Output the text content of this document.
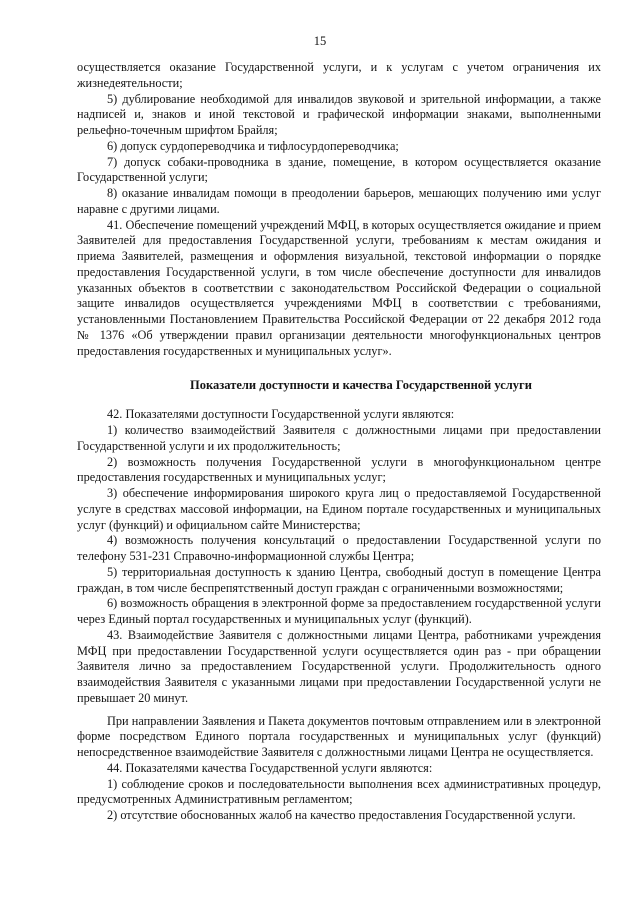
15

осуществляется оказание Государственной услуги, и к услугам с учетом ограничения их жизнедеятельности;

5) дублирование необходимой для инвалидов звуковой и зрительной информации, а также надписей и, знаков и иной текстовой и графической информации знаками, выполненными рельефно-точечным шрифтом Брайля;

6) допуск сурдопереводчика и тифлосурдопереводчика;

7) допуск собаки-проводника в здание, помещение, в котором осуществляется оказание Государственной услуги;

8) оказание инвалидам помощи в преодолении барьеров, мешающих получению ими услуг наравне с другими лицами.

41. Обеспечение помещений учреждений МФЦ, в которых осуществляется ожидание и прием Заявителей для предоставления Государственной услуги, требованиям к местам ожидания и приема Заявителей, размещения и оформления визуальной, текстовой информации о порядке предоставления Государственной услуги, в том числе обеспечение доступности для инвалидов указанных объектов в соответствии с законодательством Российской Федерации о социальной защите инвалидов осуществляется учреждениями МФЦ в соответствии с требованиями, установленными Постановлением Правительства Российской Федерации от 22 декабря 2012 года № 1376 «Об утверждении правил организации деятельности многофункциональных центров предоставления государственных и муниципальных услуг».

Показатели доступности и качества Государственной услуги

42. Показателями доступности Государственной услуги являются:

1) количество взаимодействий Заявителя с должностными лицами при предоставлении Государственной услуги и их продолжительность;

2) возможность получения Государственной услуги в многофункциональном центре предоставления государственных и муниципальных услуг;

3) обеспечение информирования широкого круга лиц о предоставляемой Государственной услуге в средствах массовой информации, на Едином портале государственных и муниципальных услуг (функций) и официальном сайте Министерства;

4) возможность получения консультаций о предоставлении Государственной услуги по телефону 531-231 Справочно-информационной службы Центра;

5) территориальная доступность к зданию Центра, свободный доступ в помещение Центра граждан, в том числе беспрепятственный доступ граждан с ограниченными возможностями;

6) возможность обращения в электронной форме за предоставлением государственной услуги через Единый портал государственных и муниципальных услуг (функций).

43. Взаимодействие Заявителя с должностными лицами Центра, работниками учреждения МФЦ при предоставлении Государственной услуги осуществляется один раз - при обращении Заявителя лично за предоставлением Государственной услуги. Продолжительность одного взаимодействия Заявителя с указанными лицами при предоставлении Государственной услуги не превышает 20 минут.

При направлении Заявления и Пакета документов почтовым отправлением или в электронной форме посредством Единого портала государственных и муниципальных услуг (функций) непосредственное взаимодействие Заявителя с должностными лицами Центра не осуществляется.

44. Показателями качества Государственной услуги являются:

1) соблюдение сроков и последовательности выполнения всех административных процедур, предусмотренных Административным регламентом;

2) отсутствие обоснованных жалоб на качество предоставления Государственной услуги.
